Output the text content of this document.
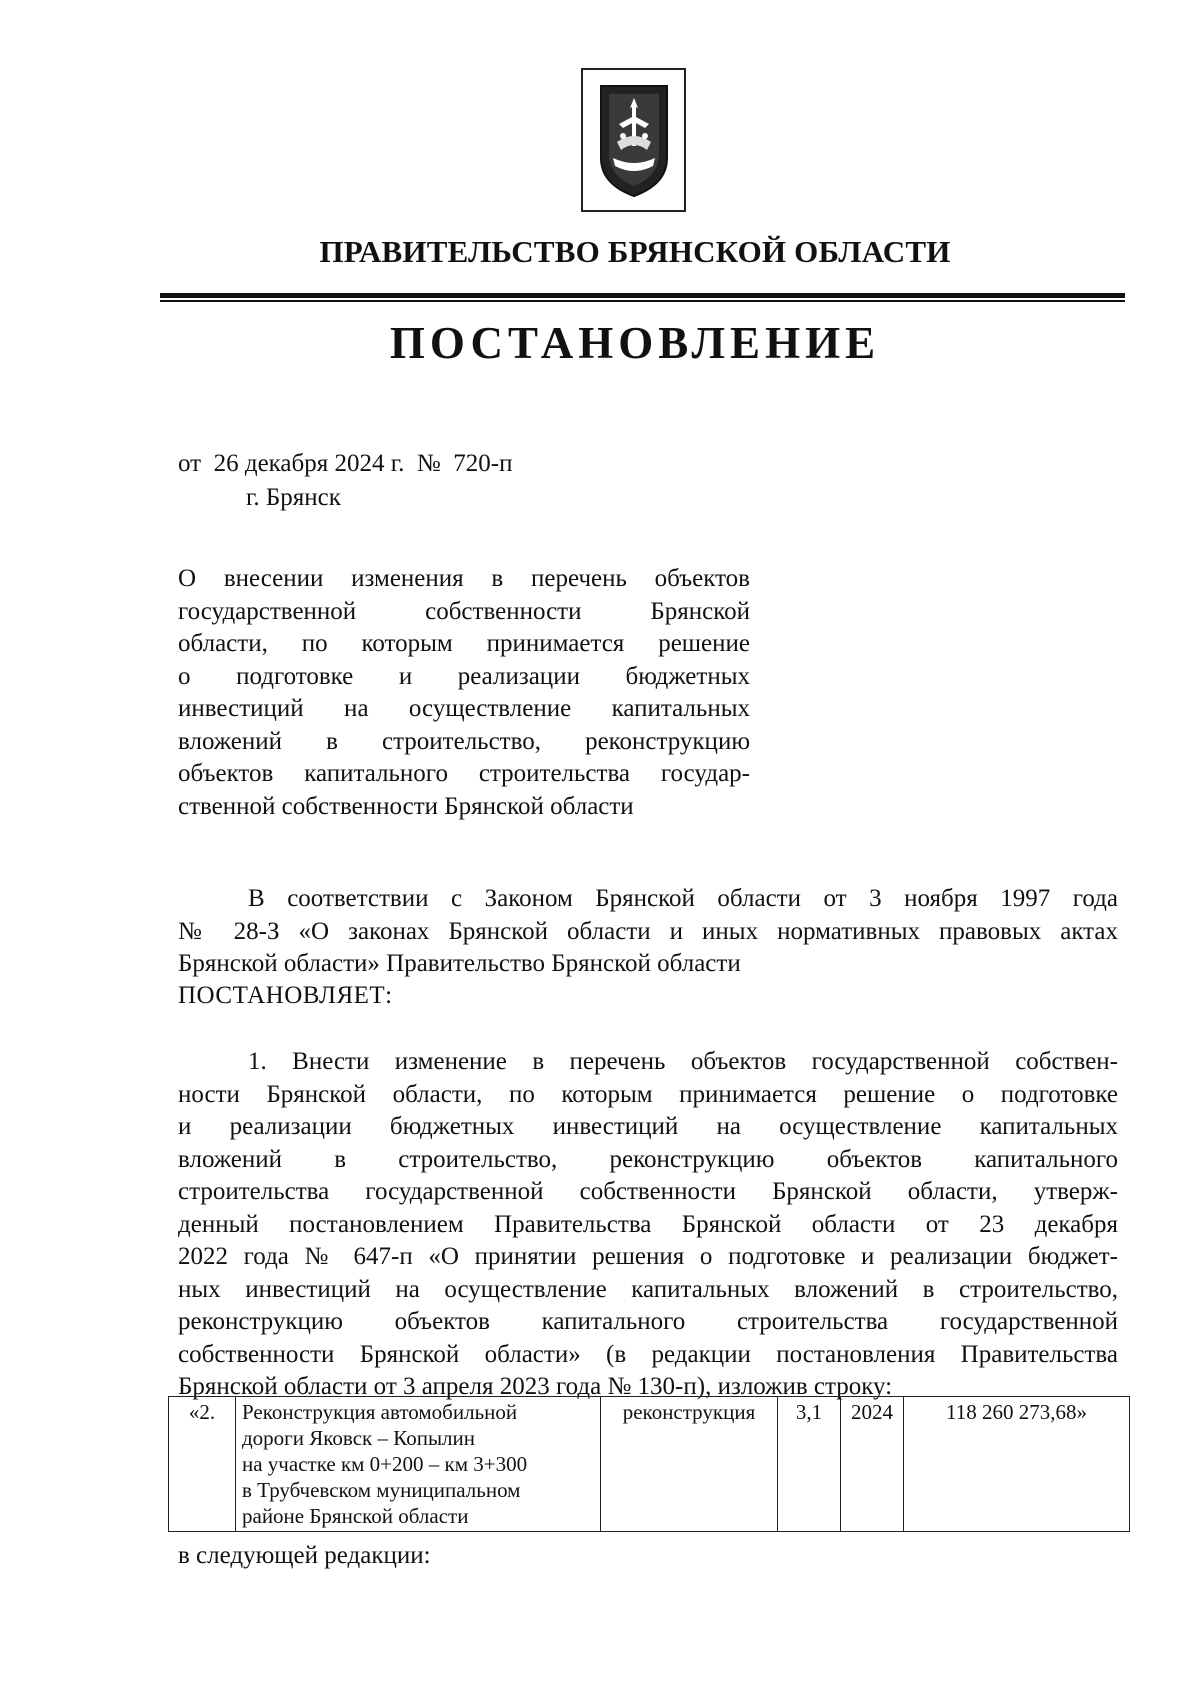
ПРАВИТЕЛЬСТВО БРЯНСКОЙ ОБЛАСТИ
ПОСТАНОВЛЕНИЕ
от  26 декабря 2024 г.  №  720-п
г. Брянск
О внесении изменения в перечень объектов
государственной собственности Брянской
области, по которым принимается решение
о подготовке и реализации бюджетных
инвестиций на осуществление капитальных
вложений в строительство, реконструкцию
объектов капитального строительства государ-
ственной собственности Брянской области
В соответствии с Законом Брянской области от 3 ноября 1997 года
№ 28-З «О законах Брянской области и иных нормативных правовых актах
Брянской области» Правительство Брянской области
ПОСТАНОВЛЯЕТ:
1. Внести изменение в перечень объектов государственной собствен-
ности Брянской области, по которым принимается решение о подготовке
и реализации бюджетных инвестиций на осуществление капитальных
вложений в строительство, реконструкцию объектов капитального
строительства государственной собственности Брянской области, утверж-
денный постановлением Правительства Брянской области от 23 декабря
2022 года № 647-п «О принятии решения о подготовке и реализации бюджет-
ных инвестиций на осуществление капитальных вложений в строительство,
реконструкцию объектов капитального строительства государственной
собственности Брянской области» (в редакции постановления Правительства
Брянской области от 3 апреля 2023 года № 130-п), изложив строку:
«2.	Реконструкция автомобильной
дороги Яковск – Копылин
на участке км 0+200 – км 3+300
в Трубчевском муниципальном
районе Брянской области
	реконструкция	3,1	2024	118 260 273,68»
в следующей редакции:
